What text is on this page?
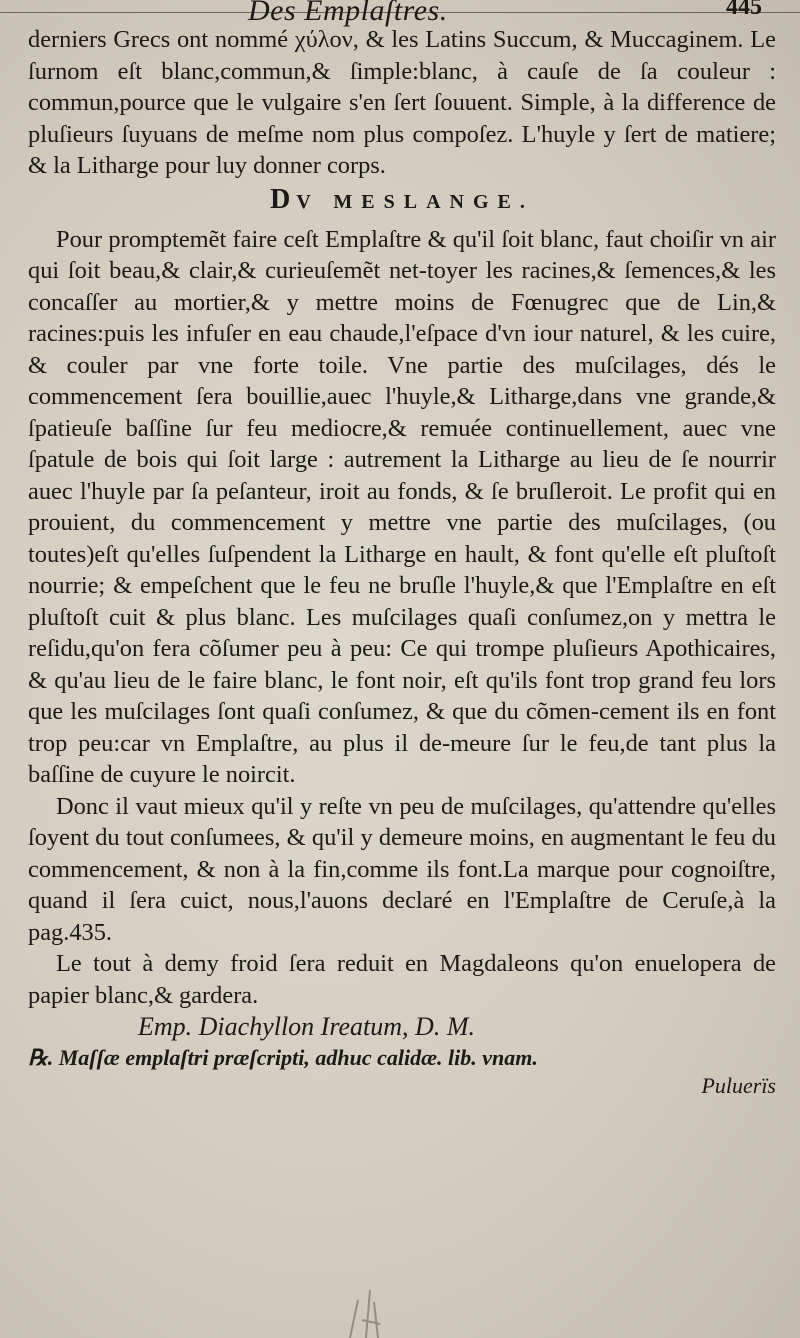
Des Emplaſtres.	445

derniers Grecs ont nommé χύλον, & les Latins Succum, & Muccaginem. Le ſurnom eſt blanc,commun,& ſimple:blanc, à cauſe de ſa couleur : commun,pource que le vulgaire s'en ſert ſouuent. Simple, à la difference de pluſieurs ſuyuans de meſme nom plus compoſez. L'huyle y ſert de matiere; & la Litharge pour luy donner corps.

DV MESLANGE.

Pour promptemẽt faire ceſt Emplaſtre & qu'il ſoit blanc, faut choiſir vn air qui ſoit beau,& clair,& curieuſemẽt net-toyer les racines,& ſemences,& les concaſſer au mortier,& y mettre moins de Fœnugrec que de Lin,& racines:puis les infuſer en eau chaude,l'eſpace d'vn iour naturel, & les cuire, & couler par vne forte toile. Vne partie des muſcilages, dés le commencement ſera bouillie,auec l'huyle,& Litharge,dans vne grande,& ſpatieuſe baſſine ſur feu mediocre,& remuée continuellement, auec vne ſpatule de bois qui ſoit large : autrement la Litharge au lieu de ſe nourrir auec l'huyle par ſa peſanteur, iroit au fonds, & ſe bruſleroit. Le profit qui en prouient, du commencement y mettre vne partie des muſcilages, (ou toutes)eſt qu'elles ſuſpendent la Litharge en hault, & font qu'elle eſt pluſtoſt nourrie; & empeſchent que le feu ne bruſle l'huyle,& que l'Emplaſtre en eſt pluſtoſt cuit & plus blanc. Les muſcilages quaſi conſumez,on y mettra le reſidu,qu'on fera cõſumer peu à peu: Ce qui trompe pluſieurs Apothicaires, & qu'au lieu de le faire blanc, le font noir, eſt qu'ils font trop grand feu lors que les muſcilages ſont quaſi conſumez, & que du cõmen-cement ils en font trop peu:car vn Emplaſtre, au plus il de-meure ſur le feu,de tant plus la baſſine de cuyure le noircit.

Donc il vaut mieux qu'il y reſte vn peu de muſcilages, qu'attendre qu'elles ſoyent du tout conſumees, & qu'il y demeure moins, en augmentant le feu du commencement, & non à la fin,comme ils font.La marque pour cognoiſtre, quand il ſera cuict, nous,l'auons declaré en l'Emplaſtre de Ceruſe,à la pag.435.

Le tout à demy froid ſera reduit en Magdaleons qu'on enuelopera de papier blanc,& gardera.

Emp. Diachyllon Ireatum, D. M.

℞. Maſſæ emplaſtri præſcripti, adhuc calidæ. lib. vnam.

Puluerïs
